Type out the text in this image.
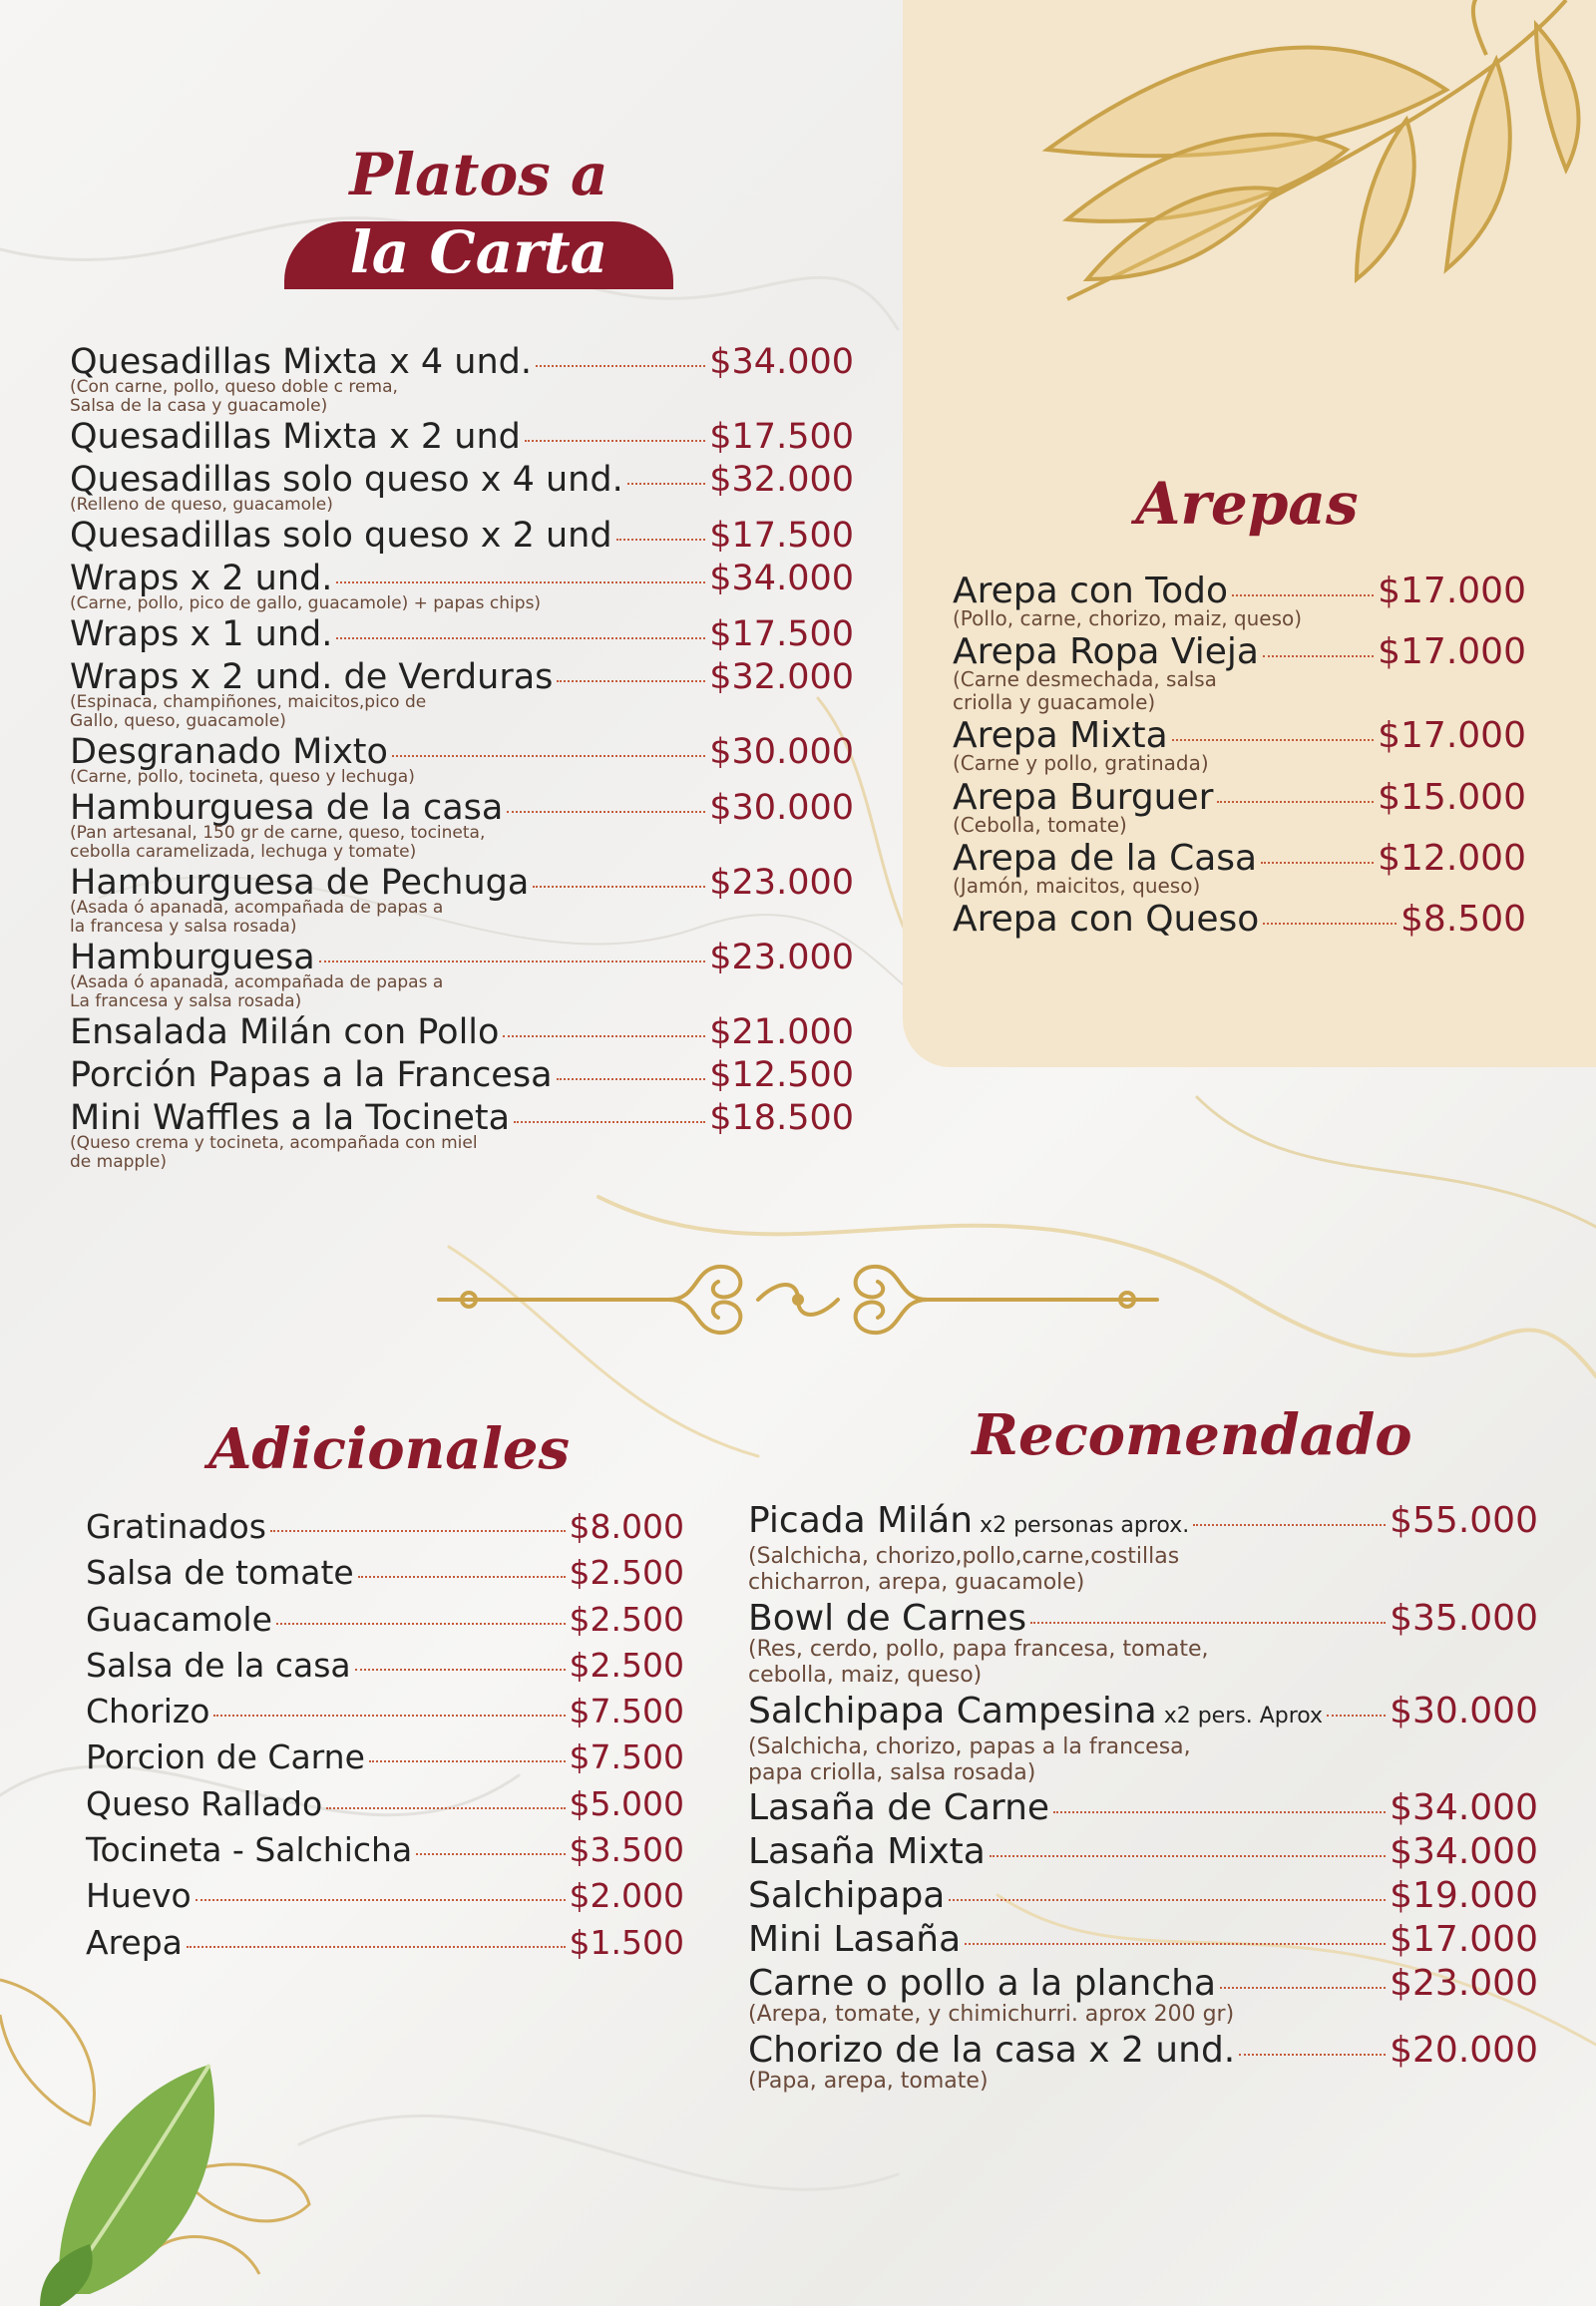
Platos a
la Carta
Quesadillas Mixta x 4 und.	$34.000
(Con carne, pollo, queso doble c rema,
Salsa de la casa y guacamole)
Quesadillas Mixta x 2 und	$17.500
Quesadillas solo queso x 4 und. $32.000
(Relleno de queso, guacamole)
Quesadillas solo queso x 2 und	$17.500
Wraps x 2 und.	$34.000
(Carne, pollo, pico de gallo, guacamole) + papas chips)
Wraps x 1 und.	$17.500
Wraps x 2 und. de Verduras	$32.000
(Espinaca, champiñones, maicitos,pico de
Gallo, queso, guacamole)
Desgranado Mixto	$30.000
(Carne, pollo, tocineta, queso y lechuga)
Hamburguesa de la casa	$30.000
(Pan artesanal, 150 gr de carne, queso, tocineta,
cebolla caramelizada, lechuga y tomate)
Hamburguesa de Pechuga	$23.000
(Asada ó apanada, acompañada de papas a
la francesa y salsa rosada)
Hamburguesa	$23.000
(Asada ó apanada, acompañada de papas a
La francesa y salsa rosada)
Ensalada Milán con Pollo	$21.000
Porción Papas a la Francesa	$12.500
Mini Waffles a la Tocineta	$18.500
(Queso crema y tocineta, acompañada con miel
de mapple)
Arepas
Arepa con Todo	$17.000
(Pollo, carne, chorizo, maiz, queso)
Arepa Ropa Vieja	$17.000
(Carne desmechada, salsa
criolla y guacamole)
Arepa Mixta	$17.000
(Carne y pollo, gratinada)
Arepa Burguer	$15.000
(Cebolla, tomate)
Arepa de la Casa	$12.000
(Jamón, maicitos, queso)
Arepa con Queso	$8.500
Adicionales
Gratinados	$8.000
Salsa de tomate	$2.500
Guacamole	$2.500
Salsa de la casa	$2.500
Chorizo	$7.500
Porcion de Carne	$7.500
Queso Rallado	$5.000
Tocineta - Salchicha	$3.500
Huevo	$2.000
Arepa	$1.500
Recomendado
Picada Milán x2 personas aprox.	$55.000
(Salchicha, chorizo,pollo,carne,costillas
chicharron, arepa, guacamole)
Bowl de Carnes	$35.000
(Res, cerdo, pollo, papa francesa, tomate,
cebolla, maiz, queso)
Salchipapa Campesina x2 pers. Aprox $30.000
(Salchicha, chorizo, papas a la francesa,
papa criolla, salsa rosada)
Lasaña de Carne	$34.000
Lasaña Mixta	$34.000
Salchipapa	$19.000
Mini Lasaña	$17.000
Carne o pollo a la plancha	$23.000
(Arepa, tomate, y chimichurri. aprox 200 gr)
Chorizo de la casa x 2 und.	$20.000
(Papa, arepa, tomate)
